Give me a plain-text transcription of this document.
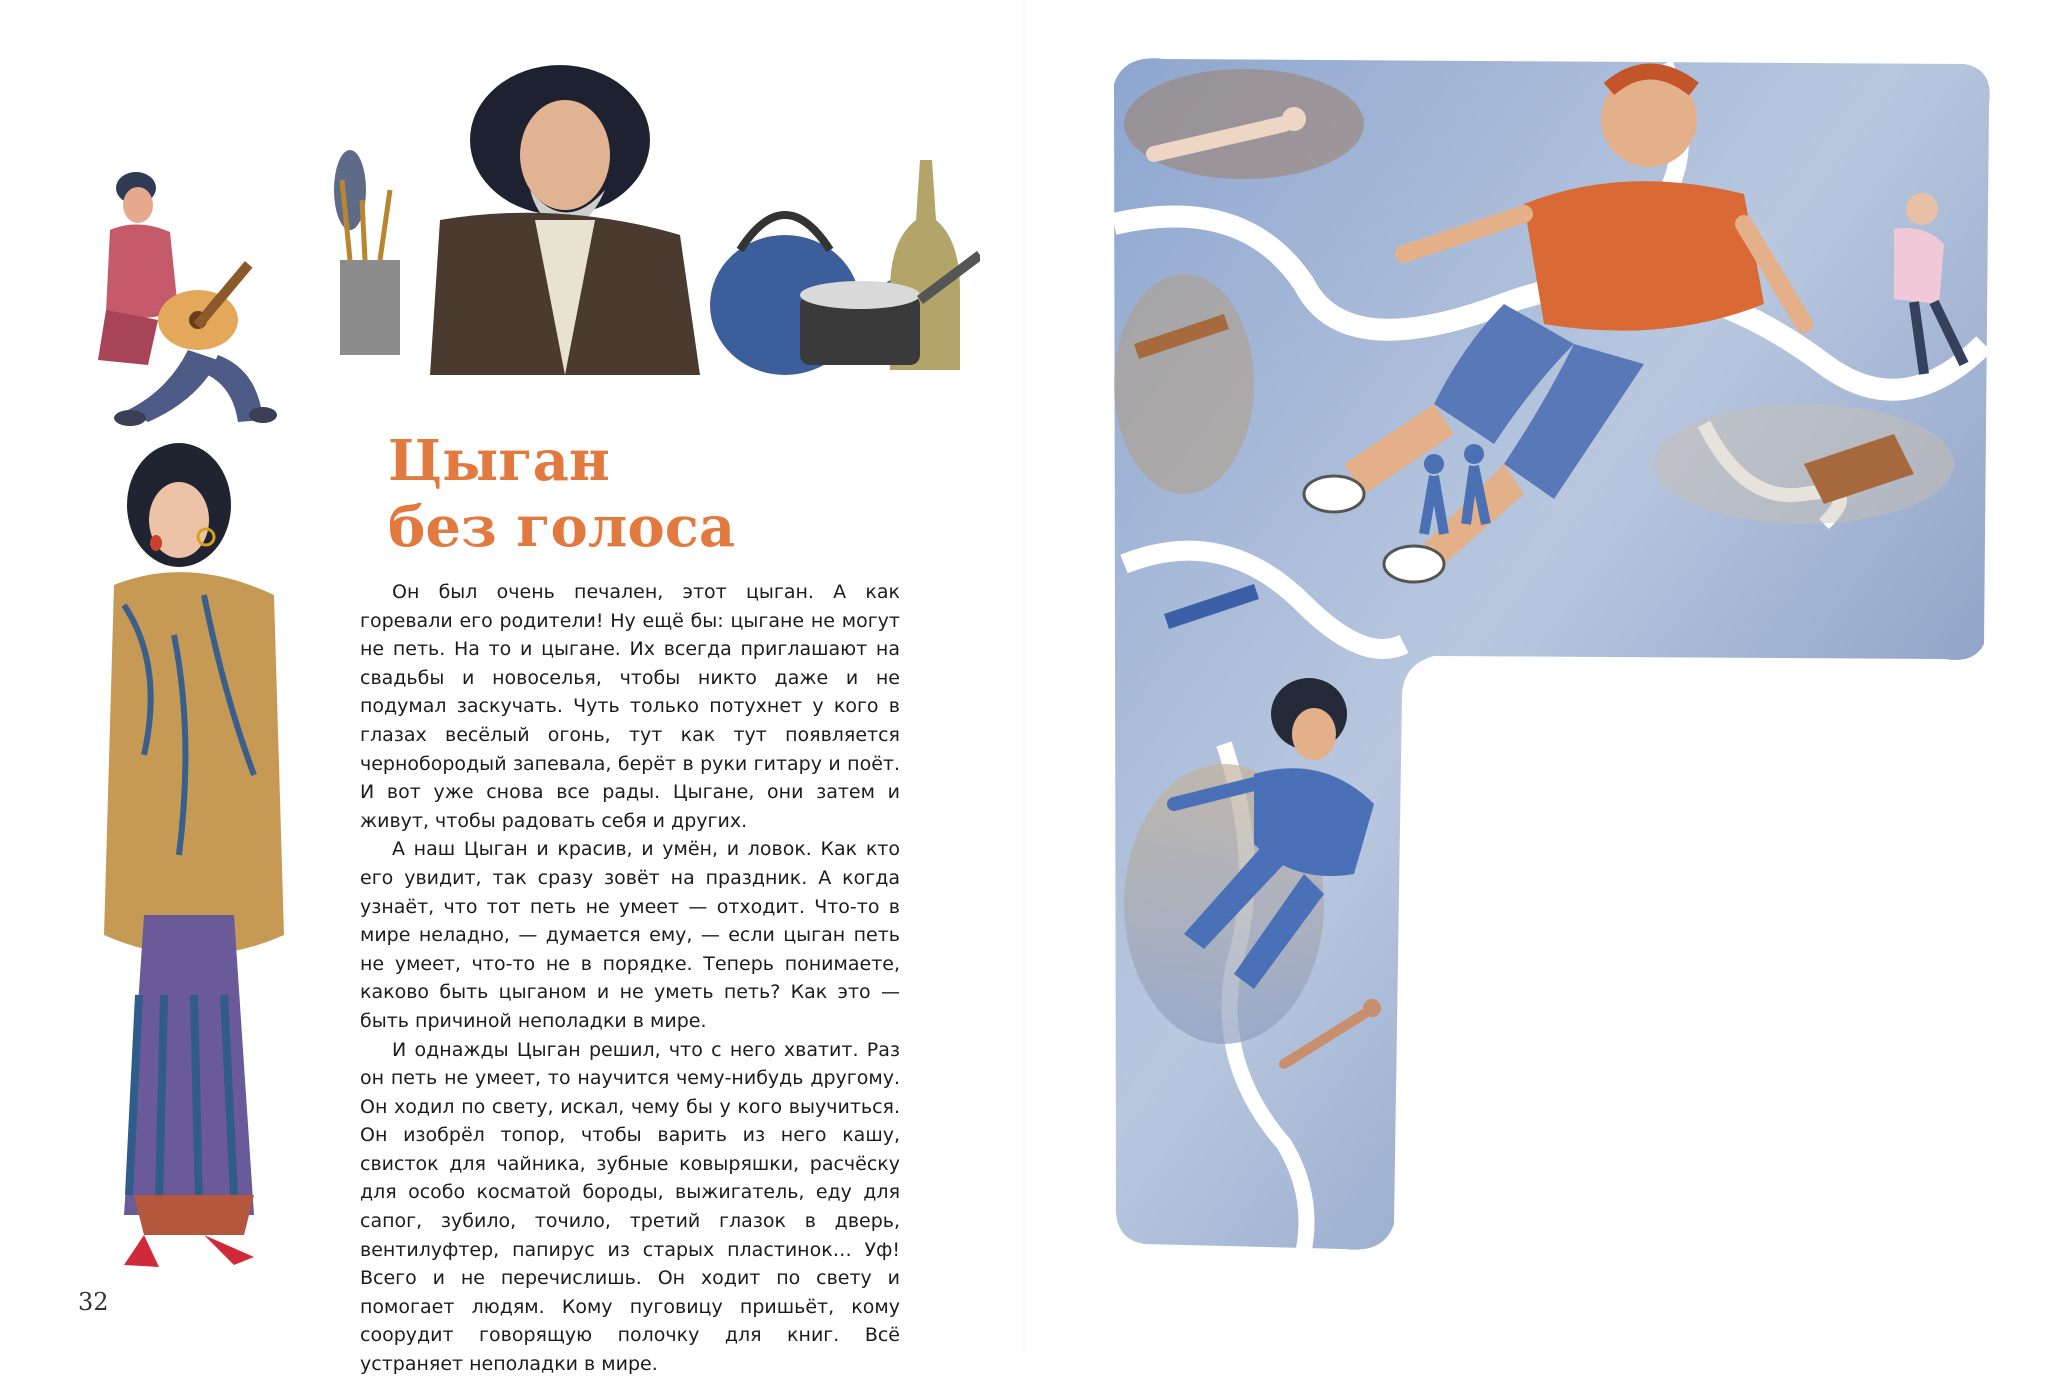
Цыган
без голоса

Он был очень печален, этот цыган. А как горевали его родители! Ну ещё бы: цыгане не могут не петь. На то и цыгане. Их всегда приглашают на свадьбы и новоселья, чтобы никто даже и не подумал заскучать. Чуть только потухнет у кого в глазах весёлый огонь, тут как тут появляется чернобородый запевала, берёт в руки гитару и поёт. И вот уже снова все рады. Цыгане, они затем и живут, чтобы радовать себя и других.

А наш Цыган и красив, и умён, и ловок. Как кто его увидит, так сразу зовёт на праздник. А когда узнаёт, что тот петь не умеет — отходит. Что-то в мире неладно, — думается ему, — если цыган петь не умеет, что-то не в порядке. Теперь понимаете, каково быть цыганом и не уметь петь? Как это — быть причиной неполадки в мире.

И однажды Цыган решил, что с него хватит. Раз он петь не умеет, то научится чему-нибудь другому. Он ходил по свету, искал, чему бы у кого выучиться. Он изобрёл топор, чтобы варить из него кашу, свисток для чайника, зубные ковыряшки, расчёску для особо косматой бороды, выжигатель, еду для сапог, зубило, точило, третий глазок в дверь, вентилуфтер, папирус из старых пластинок… Уф! Всего и не перечислишь. Он ходит по свету и помогает людям. Кому пуговицу пришьёт, кому соорудит говорящую полочку для книг. Всё устраняет неполадки в мире.

32
